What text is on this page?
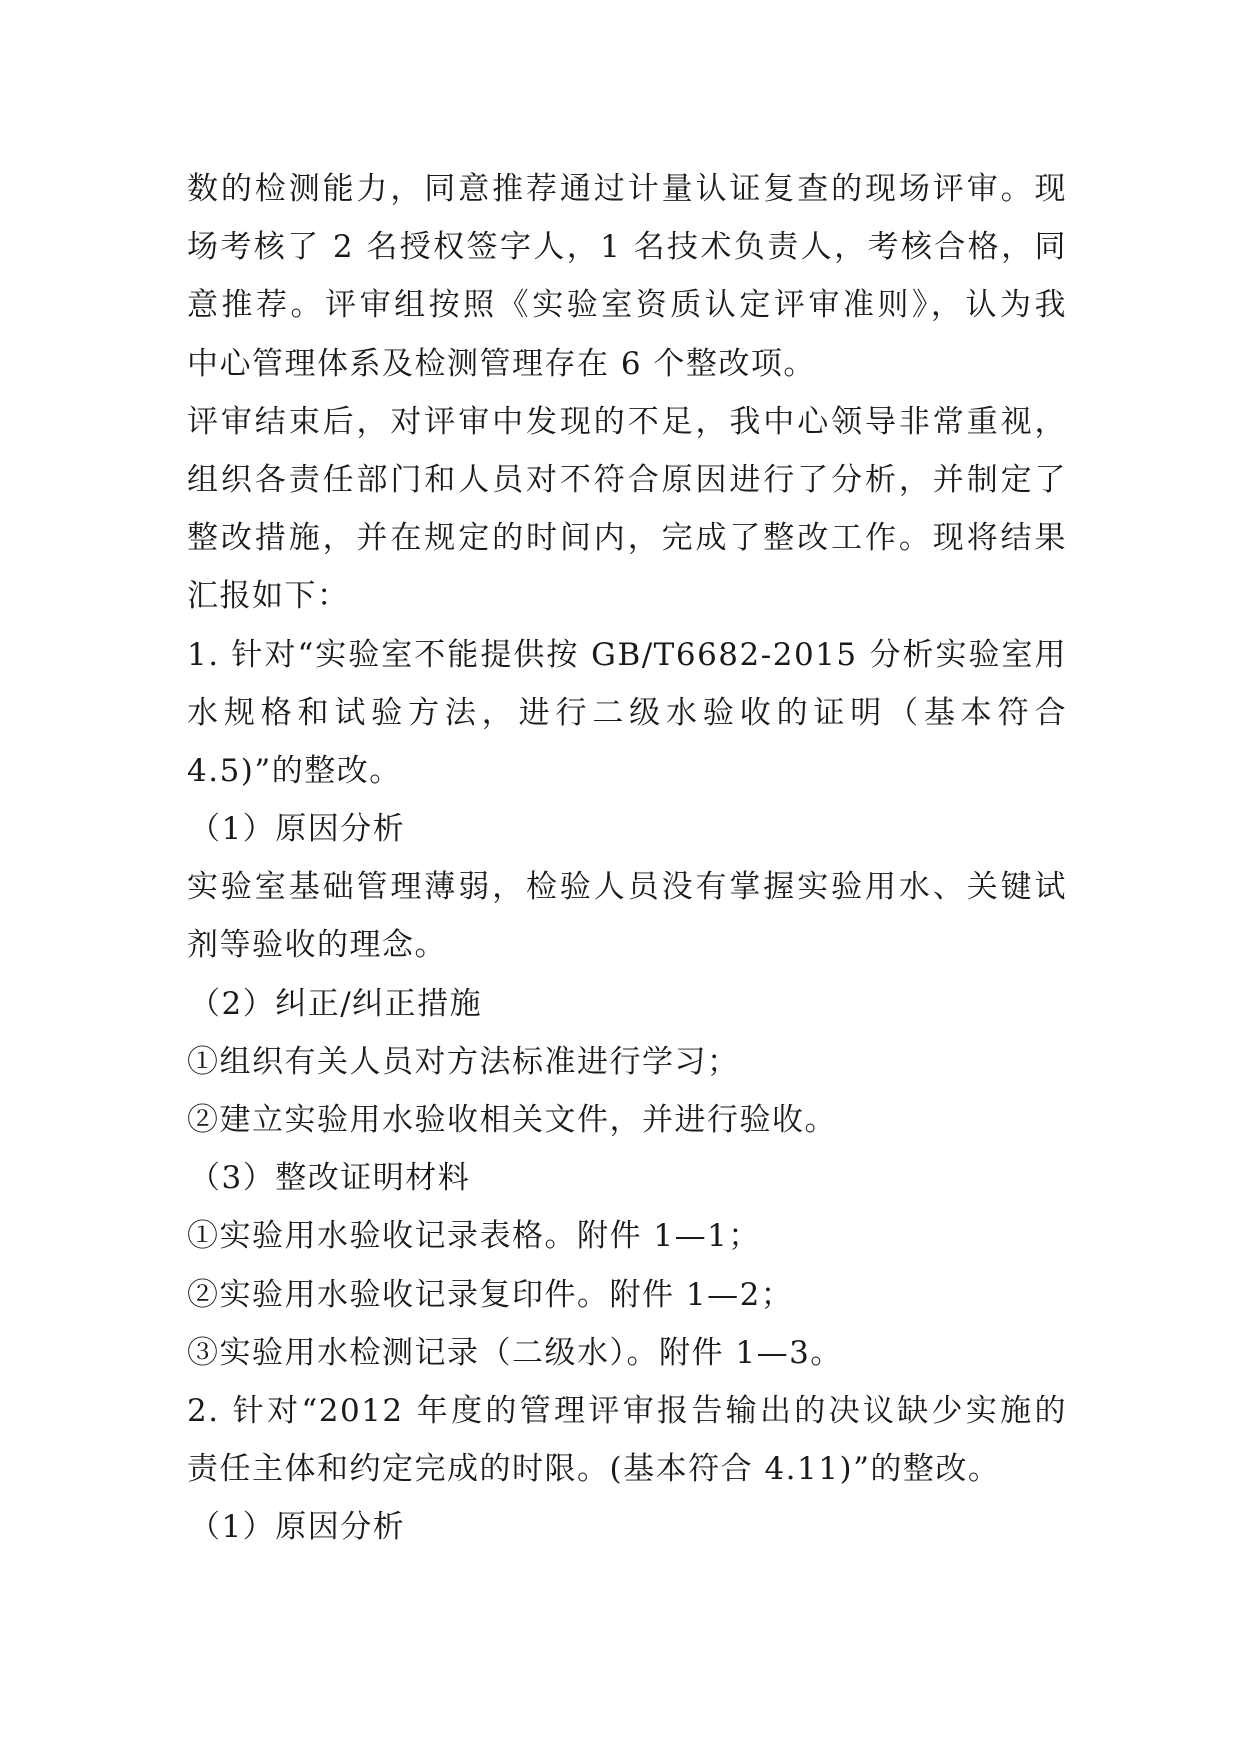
数的检测能力，同意推荐通过计量认证复查的现场评审。现
场考核了 2 名授权签字人，1 名技术负责人，考核合格，同
意推荐。评审组按照《实验室资质认定评审准则》，认为我
中心管理体系及检测管理存在 6 个整改项。
评审结束后，对评审中发现的不足，我中心领导非常重视，
组织各责任部门和人员对不符合原因进行了分析，并制定了
整改措施，并在规定的时间内，完成了整改工作。现将结果
汇报如下：
1. 针对“实验室不能提供按 GB/T6682-2015 分析实验室用
水规格和试验方法，进行二级水验收的证明（基本符合
4.5)”的整改。
（1）原因分析
实验室基础管理薄弱，检验人员没有掌握实验用水、关键试
剂等验收的理念。
（2）纠正/纠正措施
①组织有关人员对方法标准进行学习；
②建立实验用水验收相关文件，并进行验收。
（3）整改证明材料
①实验用水验收记录表格。附件 1—1；
②实验用水验收记录复印件。附件 1—2；
③实验用水检测记录（二级水）。附件 1—3。
2. 针对“2012 年度的管理评审报告输出的决议缺少实施的
责任主体和约定完成的时限。(基本符合 4.11)”的整改。
（1）原因分析
